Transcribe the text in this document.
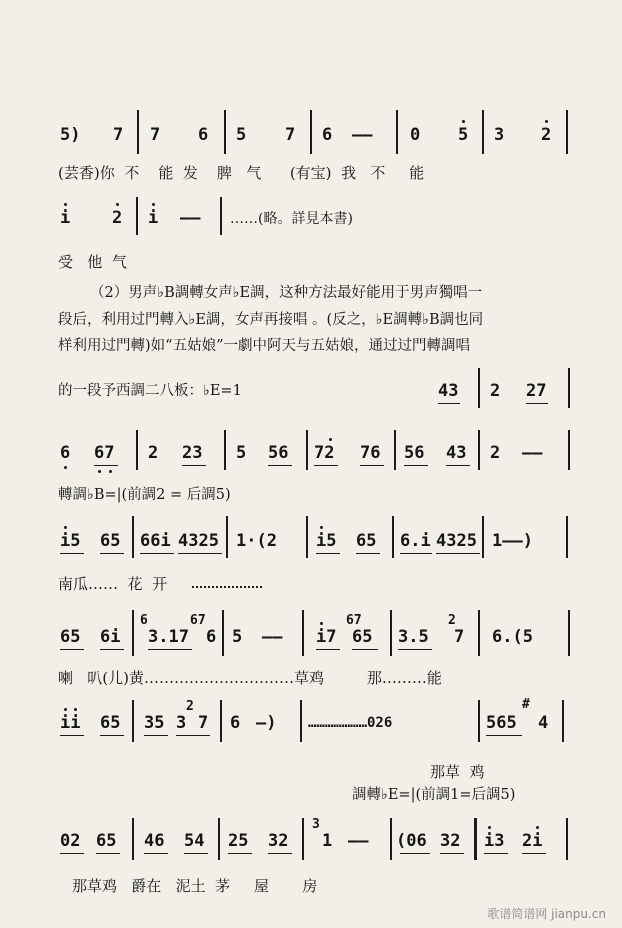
5) 7 7 6 5 7 6 —— 0 5 3 2
(芸香)你  不    能  发    脾   气      (有宝)  我   不     能
i 2 i —— ……(略。詳見本書)
受   他  气
（2）男声♭B調轉女声♭E調，这种方法最好能用于男声獨唱一
段后，利用过門轉入♭E調，女声再接唱 。(反之，♭E調轉♭B調也同
样利用过門轉)如“五姑娘”一劇中阿天与五姑娘，通过过門轉調唱
的一段予西調二八板：♭E=1	43 2 27
6 67 2 23 5 56 72 76 56 43 2 ——
轉調♭B=|(前調2 = 后調5)
i5 65 66i 4325 1·(2 i5 65 6.i 4325 1——)
南瓜……  花  开
65 6i
6
3.17
67
6 5 —— i7
67
65 3.5
2
7 6.(5
喇   叭(儿)黄…………………………草鸡         那………能
ii 65 35 3
2
7 6 —) …………………026	565
#
4
那草  鸡
調轉♭E=|(前調1=后調5)
02 65 46 54 25 32
3
1 —— (06 32 i3 2i
那草鸡   爵在   泥土  茅     屋       房
歌谱简谱网 jianpu.cn
